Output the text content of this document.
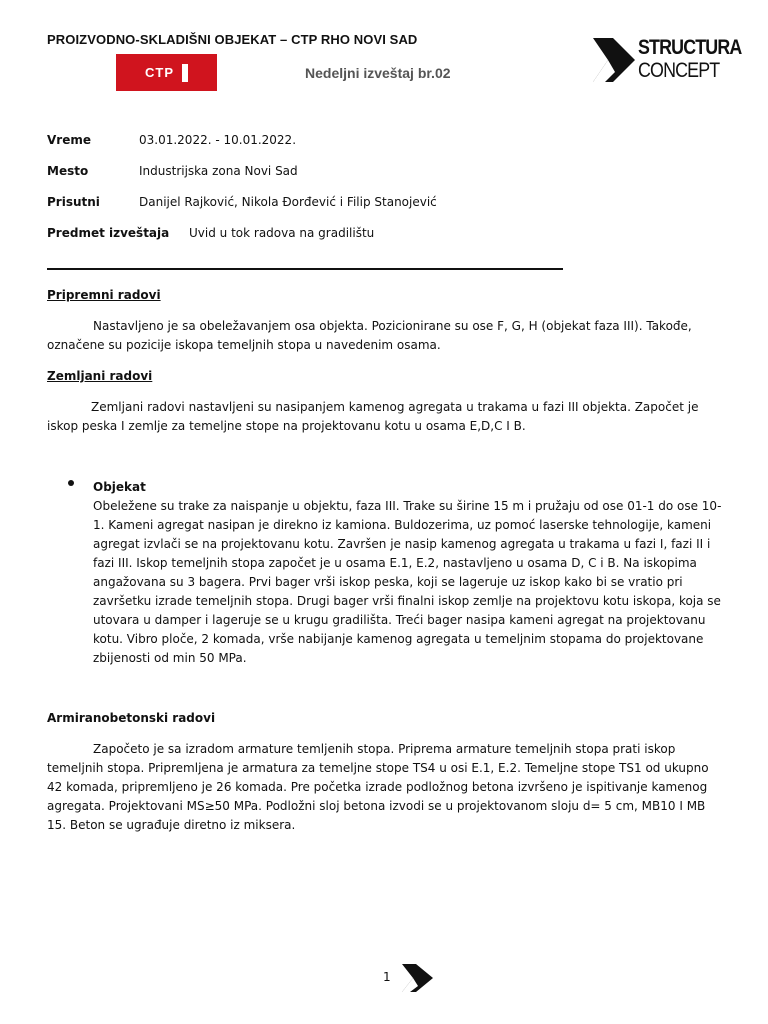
PROIZVODNO-SKLADIŠNI OBJEKAT – CTP RHO NOVI SAD
CTP	Nedeljni izveštaj br.02
STRUCTURA
CONCEPT
Vreme	03.01.2022. - 10.01.2022.
Mesto	Industrijska zona Novi Sad
Prisutni	Danijel Rajković, Nikola Đorđević i Filip Stanojević
Predmet izveštaja Uvid u tok radova na gradilištu
Pripremni radovi
Nastavljeno je sa obeležavanjem osa objekta. Pozicionirane su ose F, G, H (objekat faza III). Takođe, označene su pozicije iskopa temeljnih stopa u navedenim osama.
Zemljani radovi
Zemljani radovi nastavljeni su nasipanjem kamenog agregata u trakama u fazi III objekta. Započet je iskop peska I zemlje za temeljne stope na projektovanu kotu u osama E,D,C I B.
Objekat
Obeležene su trake za naispanje u objektu, faza III. Trake su širine 15 m i pružaju od ose 01-1 do ose 10-1. Kameni agregat nasipan je direkno iz kamiona. Buldozerima, uz pomoć laserske tehnologije, kameni agregat izvlači se na projektovanu kotu. Završen je nasip kamenog agregata u trakama u fazi I, fazi II i fazi III. Iskop temeljnih stopa započet je u osama E.1, E.2, nastavljeno u osama D, C i B. Na iskopima angažovana su 3 bagera. Prvi bager vrši iskop peska, koji se lageruje uz iskop kako bi se vratio pri završetku izrade temeljnih stopa. Drugi bager vrši finalni iskop zemlje na projektovu kotu iskopa, koja se utovara u damper i lageruje se u krugu gradilišta. Treći bager nasipa kameni agregat na projektovanu kotu. Vibro ploče, 2 komada, vrše nabijanje kamenog agregata u temeljnim stopama do projektovane zbijenosti od min 50 MPa.
Armiranobetonski radovi
Započeto je sa izradom armature temljenih stopa. Priprema armature temeljnih stopa prati iskop temeljnih stopa. Pripremljena je armatura za temeljne stope TS4 u osi E.1, E.2. Temeljne stope TS1 od ukupno 42 komada, pripremljeno je 26 komada. Pre početka izrade podložnog betona izvršeno je ispitivanje kamenog agregata. Projektovani MS≥50 MPa. Podložni sloj betona izvodi se u projektovanom sloju d= 5 cm, MB10 I MB 15. Beton se ugrađuje diretno iz miksera.
1
